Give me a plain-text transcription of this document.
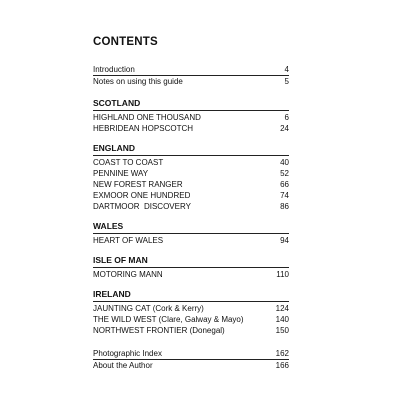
CONTENTS
Introduction	4
Notes on using this guide	5
SCOTLAND
HIGHLAND ONE THOUSAND	6
HEBRIDEAN HOPSCOTCH	24
ENGLAND
COAST TO COAST	40
PENNINE WAY	52
NEW FOREST RANGER	66
EXMOOR ONE HUNDRED	74
DARTMOOR  DISCOVERY	86
WALES
HEART OF WALES	94
ISLE OF MAN
MOTORING MANN	110
IRELAND
JAUNTING CAT (Cork & Kerry)	124
THE WILD WEST (Clare, Galway & Mayo)	140
NORTHWEST FRONTIER (Donegal)	150
Photographic Index	162
About the Author	166
